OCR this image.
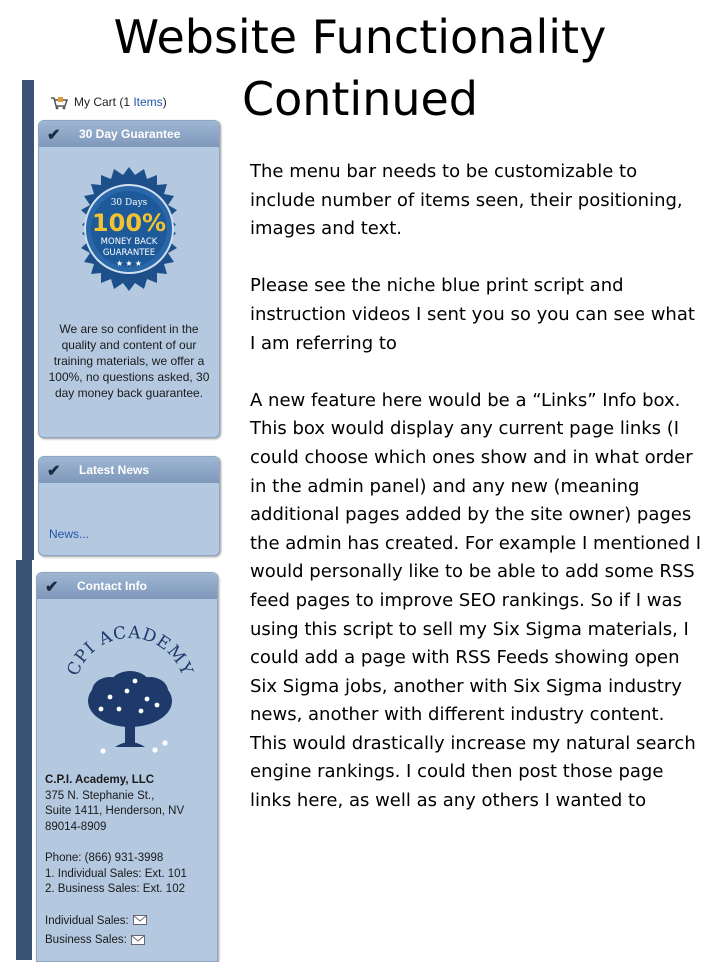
Website Functionality
Continued
My Cart (1 Items)
✔ 30 Day Guarantee
30 Days
100%
MONEY BACK
GUARANTEE
★ ★ ★
We are so confident in the quality and content of our training materials, we offer a 100%, no questions asked, 30 day money back guarantee.
✔ Latest News
News...
✔ Contact Info
CPI ACADEMY
C.P.I. Academy, LLC
375 N. Stephanie St.,
Suite 1411, Henderson, NV
89014-8909
Phone: (866) 931-3998
1. Individual Sales: Ext. 101
2. Business Sales: Ext. 102
Individual Sales:
Business Sales:

The menu bar needs to be customizable to include number of items seen, their positioning, images and text.

Please see the niche blue print script and instruction videos I sent you so you can see what I am referring to

A new feature here would be a “Links” Info box. This box would display any current page links (I could choose which ones show and in what order in the admin panel) and any new (meaning additional pages added by the site owner) pages the admin has created. For example I mentioned I would personally like to be able to add some RSS feed pages to improve SEO rankings. So if I was using this script to sell my Six Sigma materials, I could add a page with RSS Feeds showing open Six Sigma jobs, another with Six Sigma industry news, another with different industry content. This would drastically increase my natural search engine rankings. I could then post those page links here, as well as any others I wanted to
